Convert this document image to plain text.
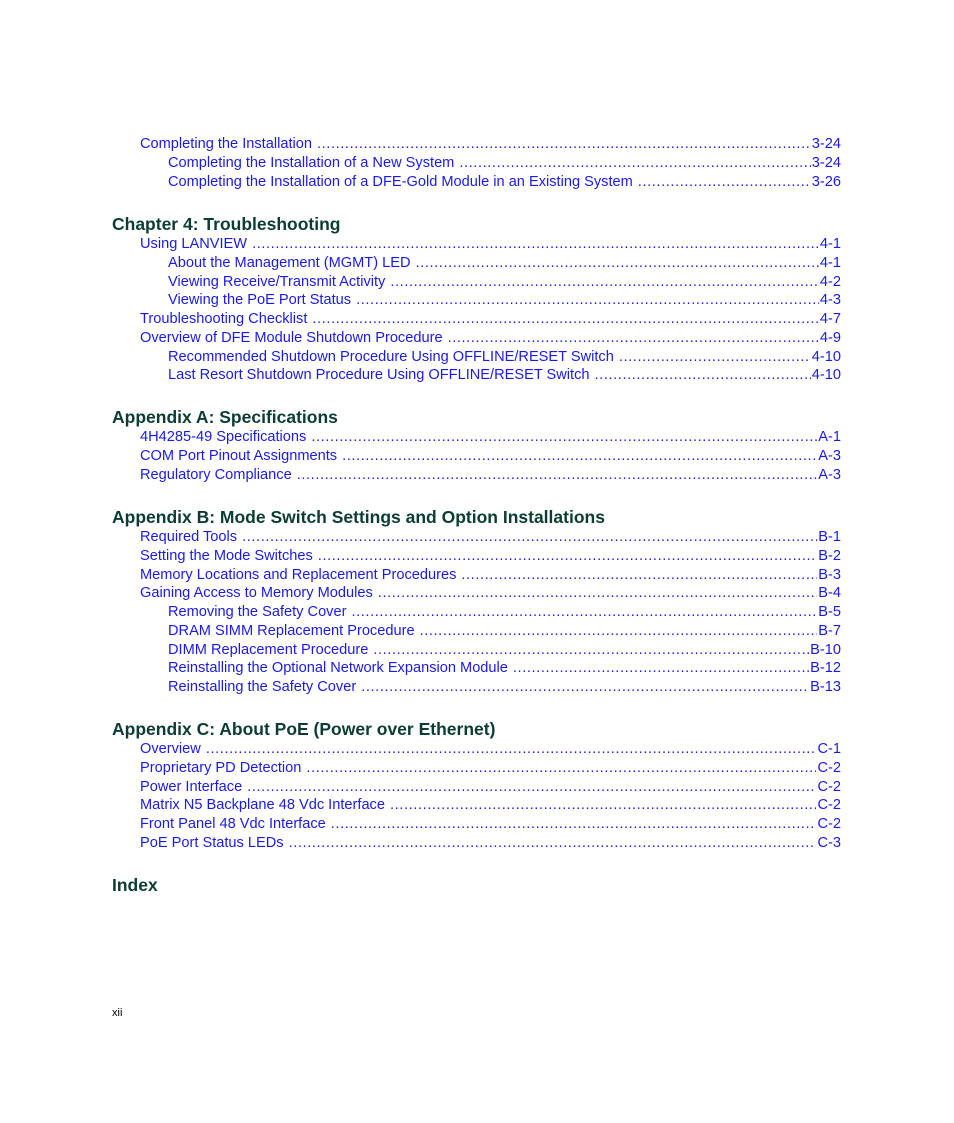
Completing the Installation .....	3-24
Completing the Installation of a New System .....	3-24
Completing the Installation of a DFE-Gold Module in an Existing System .....	3-26
Chapter 4: Troubleshooting
Using LANVIEW .....	4-1
About the Management (MGMT) LED .....	4-1
Viewing Receive/Transmit Activity .....	4-2
Viewing the PoE Port Status .....	4-3
Troubleshooting Checklist .....	4-7
Overview of DFE Module Shutdown Procedure .....	4-9
Recommended Shutdown Procedure Using OFFLINE/RESET Switch .....	4-10
Last Resort Shutdown Procedure Using OFFLINE/RESET Switch .....	4-10
Appendix A: Specifications
4H4285-49 Specifications .....	A-1
COM Port Pinout Assignments .....	A-3
Regulatory Compliance .....	A-3
Appendix B: Mode Switch Settings and Option Installations
Required Tools .....	B-1
Setting the Mode Switches .....	B-2
Memory Locations and Replacement Procedures .....	B-3
Gaining Access to Memory Modules .....	B-4
Removing the Safety Cover .....	B-5
DRAM SIMM Replacement Procedure .....	B-7
DIMM Replacement Procedure .....	B-10
Reinstalling the Optional Network Expansion Module .....	B-12
Reinstalling the Safety Cover .....	B-13
Appendix C: About PoE (Power over Ethernet)
Overview .....	C-1
Proprietary PD Detection .....	C-2
Power Interface .....	C-2
Matrix N5 Backplane 48 Vdc Interface .....	C-2
Front Panel 48 Vdc Interface .....	C-2
PoE Port Status LEDs .....	C-3
Index
xii
